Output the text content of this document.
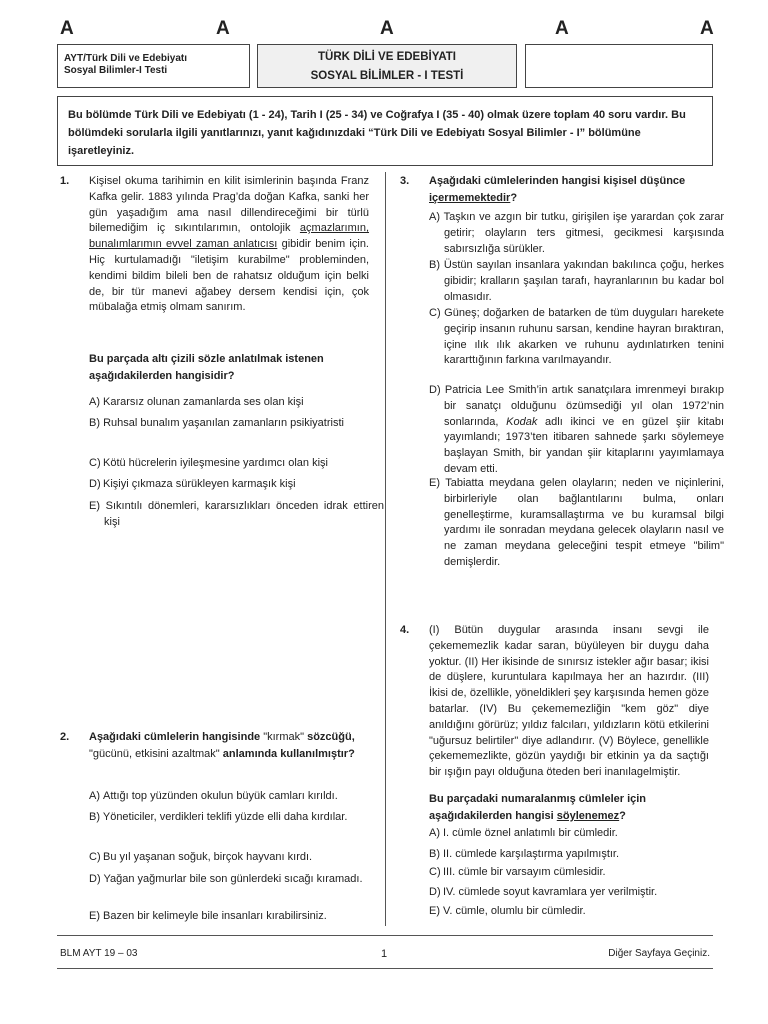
A	A	A	A	A
AYT/Türk Dili ve Edebiyatı
Sosyal Bilimler-I Testi
TÜRK DİLİ VE EDEBİYATI
SOSYAL BİLİMLER - I TESTİ
Bu bölümde Türk Dili ve Edebiyatı (1 - 24), Tarih I (25 - 34) ve Coğrafya I (35 - 40) olmak üzere toplam 40 soru vardır. Bu bölümdeki sorularla ilgili yanıtlarınızı, yanıt kağıdınızdaki “Türk Dili ve Edebiyatı Sosyal Bilimler - I” bölümüne işaretleyiniz.
1. Kişisel okuma tarihimin en kilit isimlerinin başında Franz Kafka gelir. 1883 yılında Prag’da doğan Kafka, sanki her gün yaşadığım ama nasıl dillendireceğimi bir türlü bilemediğim iç sıkıntılarımın, ontolojik açmazlarımın, bunalımlarımın evvel zaman anlatıcısı gibidir benim için. Hiç kurtulamadığı "iletişim kurabilme" probleminden, kendimi bildim bileli ben de rahatsız olduğum için belki de, bir tür manevi ağabey dersem kendisi için, çok mübalağa etmiş olmam sanırım.
Bu parçada altı çizili sözle anlatılmak istenen aşağıdakilerden hangisidir?
A) Kararsız olunan zamanlarda ses olan kişi
B) Ruhsal bunalım yaşanılan zamanların psikiyatristi
C) Kötü hücrelerin iyileşmesine yardımcı olan kişi
D) Kişiyi çıkmaza sürükleyen karmaşık kişi
E) Sıkıntılı dönemleri, kararsızlıkları önceden idrak ettiren kişi
2. Aşağıdaki cümlelerin hangisinde "kırmak" sözcüğü, "gücünü, etkisini azaltmak" anlamında kullanılmıştır?
A) Attığı top yüzünden okulun büyük camları kırıldı.
B) Yöneticiler, verdikleri teklifi yüzde elli daha kırdılar.
C) Bu yıl yaşanan soğuk, birçok hayvanı kırdı.
D) Yağan yağmurlar bile son günlerdeki sıcağı kıramadı.
E) Bazen bir kelimeyle bile insanları kırabilirsiniz.
3. Aşağıdaki cümlelerinden hangisi kişisel düşünce içermemektedir?
A) Taşkın ve azgın bir tutku, girişilen işe yarardan çok zarar getirir; olayların ters gitmesi, gecikmesi karşısında sabırsızlığa sürükler.
B) Üstün sayılan insanlara yakından bakılınca çoğu, herkes gibidir; kralların şaşılan tarafı, hayranlarının bu kadar bol olmasıdır.
C) Güneş; doğarken de batarken de tüm duyguları harekete geçirip insanın ruhunu sarsan, kendine hayran bıraktıran, içine ılık ılık akarken ve ruhunu aydınlatırken tenini kararttığının farkına varılmayandır.
D) Patricia Lee Smith’in artık sanatçılara imrenmeyi bırakıp bir sanatçı olduğunu özümsediği yıl olan 1972’nin sonlarında, Kodak adlı ikinci ve en güzel şiir kitabı yayımlandı; 1973’ten itibaren sahnede şarkı söylemeye başlayan Smith, bir yandan şiir kitaplarını yayımlamaya devam etti.
E) Tabiatta meydana gelen olayların; neden ve niçinlerini, birbirleriyle olan bağlantılarını bulma, onları genelleştirme, kuramsallaştırma ve bu kuramsal bilgi yardımı ile sonradan meydana gelecek olayların nasıl ve ne zaman meydana geleceğini tespit etmeye "bilim" demişlerdir.
4. (I) Bütün duygular arasında insanı sevgi ile çekememezlik kadar saran, büyüleyen bir duygu daha yoktur. (II) Her ikisinde de sınırsız istekler ağır basar; ikisi de düşlere, kuruntulara kapılmaya her an hazırdır. (III) İkisi de, özellikle, yöneldikleri şey karşısında hemen göze batarlar. (IV) Bu çekememezliğin "kem göz" diye anıldığını görürüz; yıldız falcıları, yıldızların kötü etkilerini "uğursuz belirtiler" diye adlandırır. (V) Böylece, genellikle çekememezlikte, gözün yaydığı bir etkinin ya da saçtığı bir ışığın payı olduğuna öteden beri inanılagelmiştir.
Bu parçadaki numaralanmış cümleler için aşağıdakilerden hangisi söylenemez?
A) I. cümle öznel anlatımlı bir cümledir.
B) II. cümlede karşılaştırma yapılmıştır.
C) III. cümle bir varsayım cümlesidir.
D) IV. cümlede soyut kavramlara yer verilmiştir.
E) V. cümle, olumlu bir cümledir.
BLM AYT 19 – 03	1	Diğer Sayfaya Geçiniz.
